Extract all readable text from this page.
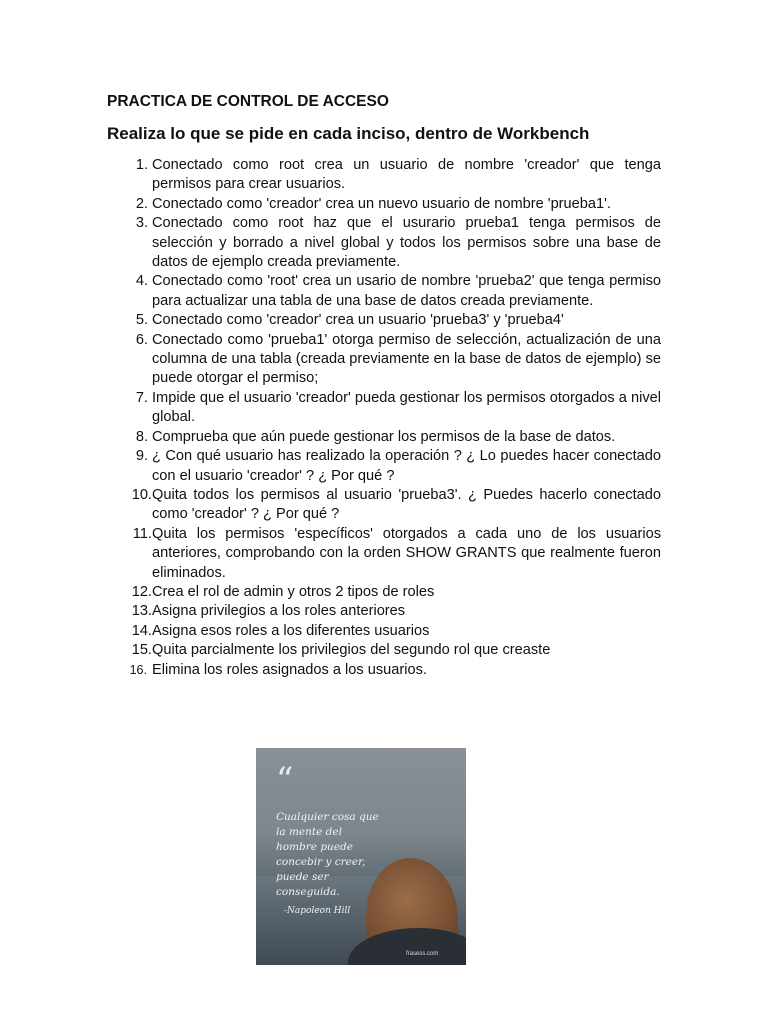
PRACTICA DE CONTROL DE ACCESO
Realiza lo que se pide en cada inciso, dentro de Workbench
1. Conectado como root crea un usuario de nombre 'creador' que tenga permisos para crear usuarios.
2. Conectado como 'creador' crea un nuevo usuario de nombre 'prueba1'.
3. Conectado como root haz que el usurario prueba1 tenga permisos de selección y borrado a nivel global y todos los permisos sobre una base de datos de ejemplo creada previamente.
4. Conectado como 'root' crea un usario de nombre 'prueba2' que tenga permiso para actualizar una tabla de una base de datos creada previamente.
5. Conectado como 'creador' crea un usuario 'prueba3' y 'prueba4'
6. Conectado como 'prueba1' otorga permiso de selección, actualización de una columna de una tabla (creada previamente en la base de datos de ejemplo) se puede otorgar el permiso;
7. Impide que el usuario 'creador' pueda gestionar los permisos otorgados a nivel global.
8. Comprueba que aún puede gestionar los permisos de la base de datos.
9. ¿ Con qué usuario has realizado la operación ? ¿ Lo puedes hacer conectado con el usuario 'creador' ? ¿ Por qué ?
10. Quita todos los permisos al usuario 'prueba3'. ¿ Puedes hacerlo conectado como 'creador' ? ¿ Por qué ?
11. Quita los permisos 'específicos' otorgados a cada uno de los usuarios anteriores, comprobando con la orden SHOW GRANTS que realmente fueron eliminados.
12. Crea el rol de admin y otros 2 tipos de roles
13. Asigna privilegios a los roles anteriores
14. Asigna esos roles a los diferentes usuarios
15. Quita parcialmente los privilegios del segundo rol que creaste
16. Elimina los roles asignados a los usuarios.
“
Cualquier cosa que la mente del hombre puede concebir y creer, puede ser conseguida.
-Napoleon Hill
frasess.com
